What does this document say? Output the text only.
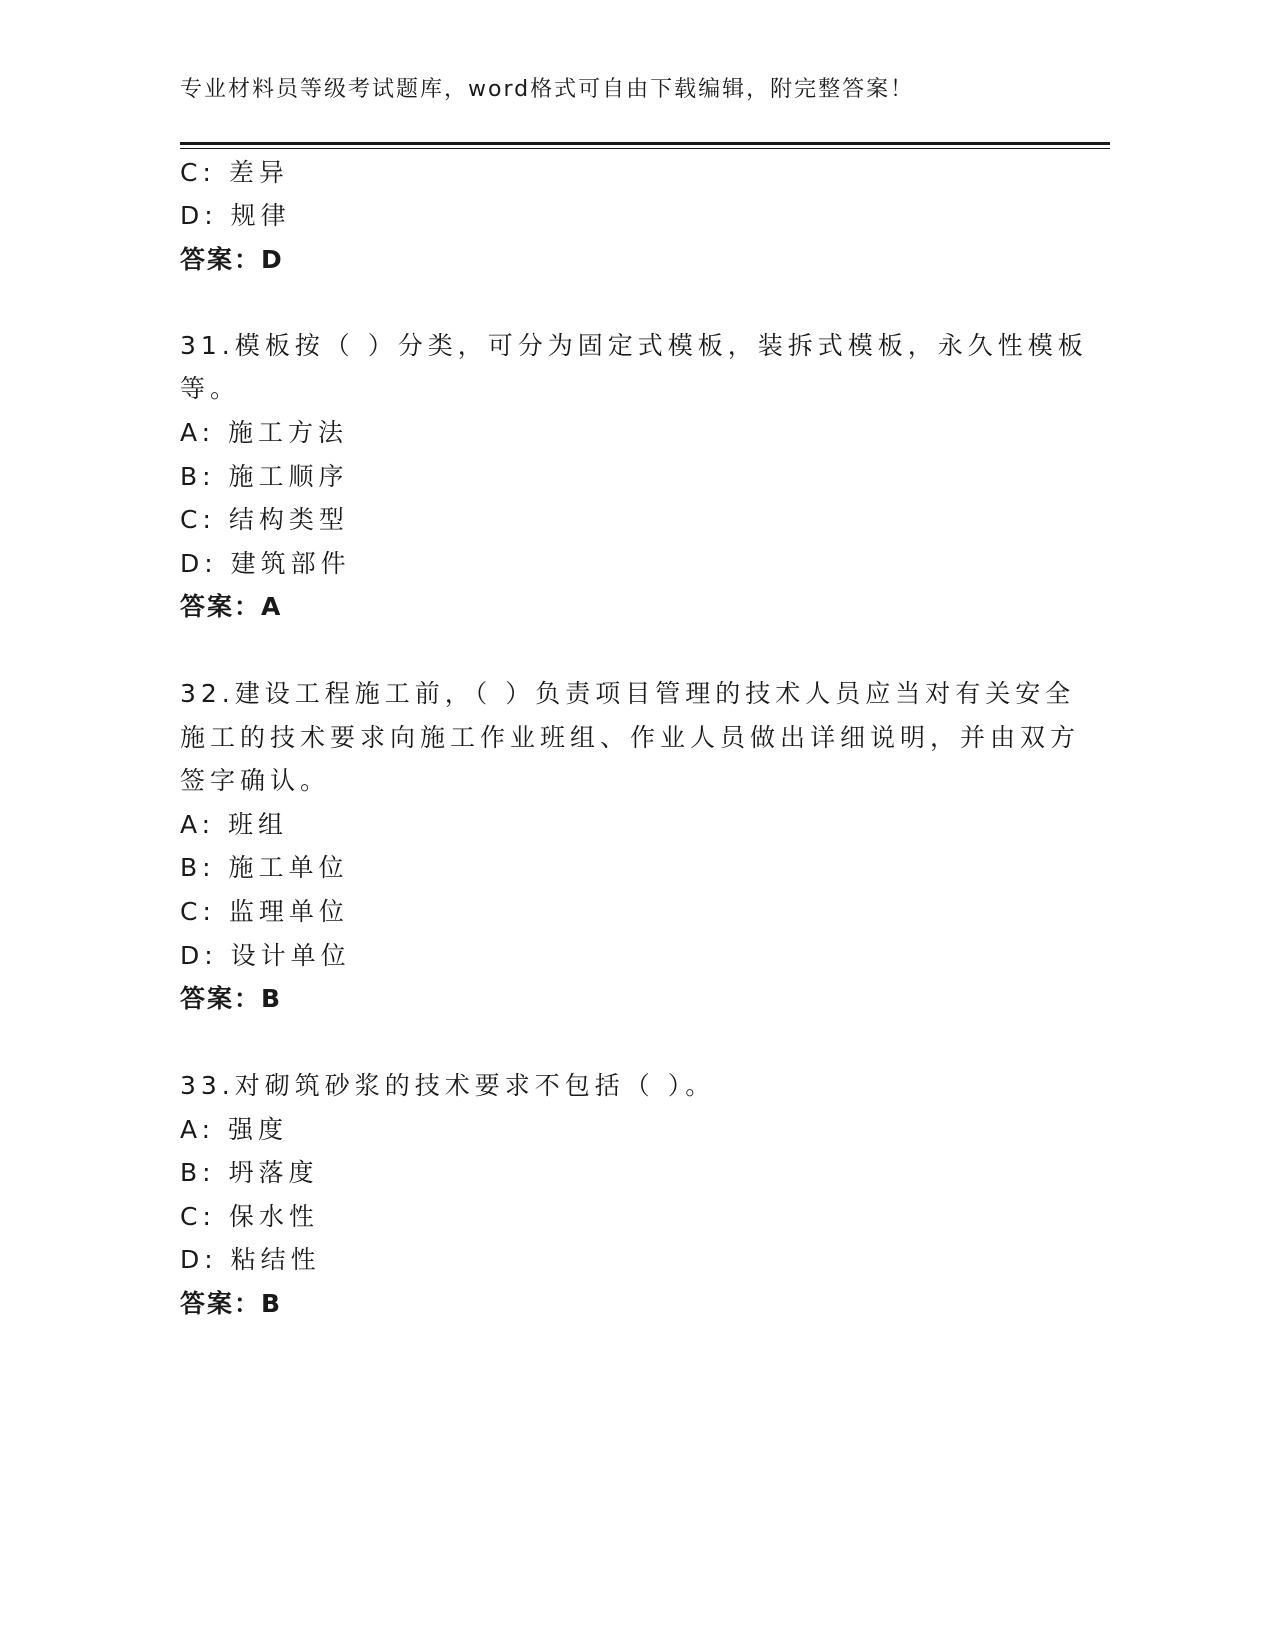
专业材料员等级考试题库，word格式可自由下载编辑，附完整答案！
C: 差异
D: 规律
答案：D
31.模板按（ ）分类，可分为固定式模板，装拆式模板，永久性模板
等。
A: 施工方法
B: 施工顺序
C: 结构类型
D: 建筑部件
答案：A
32.建设工程施工前，（ ）负责项目管理的技术人员应当对有关安全
施工的技术要求向施工作业班组、作业人员做出详细说明，并由双方
签字确认。
A: 班组
B: 施工单位
C: 监理单位
D: 设计单位
答案：B
33.对砌筑砂浆的技术要求不包括（ ）。
A: 强度
B: 坍落度
C: 保水性
D: 粘结性
答案：B
